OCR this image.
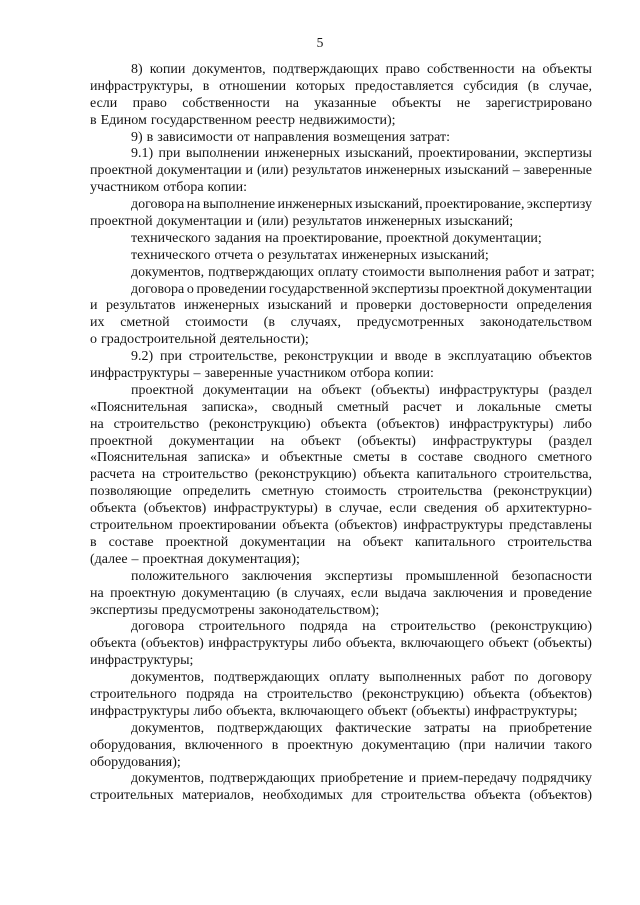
5
8) копии документов, подтверждающих право собственности на объекты
инфраструктуры, в отношении которых предоставляется субсидия (в случае,
если право собственности на указанные объекты не зарегистрировано
в Едином государственном реестр недвижимости);
9) в зависимости от направления возмещения затрат:
9.1) при выполнении инженерных изысканий, проектировании, экспертизы
проектной документации и (или) результатов инженерных изысканий – заверенные
участником отбора копии:
договора на выполнение инженерных изысканий, проектирование, экспертизу
проектной документации и (или) результатов инженерных изысканий;
технического задания на проектирование, проектной документации;
технического отчета о результатах инженерных изысканий;
документов, подтверждающих оплату стоимости выполнения работ и затрат;
договора о проведении государственной экспертизы проектной документации
и результатов инженерных изысканий и проверки достоверности определения
их сметной стоимости (в случаях, предусмотренных законодательством
о градостроительной деятельности);
9.2) при строительстве, реконструкции и вводе в эксплуатацию объектов
инфраструктуры – заверенные участником отбора копии:
проектной документации на объект (объекты) инфраструктуры (раздел
«Пояснительная записка», сводный сметный расчет и локальные сметы
на строительство (реконструкцию) объекта (объектов) инфраструктуры) либо
проектной документации на объект (объекты) инфраструктуры (раздел
«Пояснительная записка» и объектные сметы в составе сводного сметного
расчета на строительство (реконструкцию) объекта капитального строительства,
позволяющие определить сметную стоимость строительства (реконструкции)
объекта (объектов) инфраструктуры) в случае, если сведения об архитектурно-
строительном проектировании объекта (объектов) инфраструктуры представлены
в составе проектной документации на объект капитального строительства
(далее – проектная документация);
положительного заключения экспертизы промышленной безопасности
на проектную документацию (в случаях, если выдача заключения и проведение
экспертизы предусмотрены законодательством);
договора строительного подряда на строительство (реконструкцию)
объекта (объектов) инфраструктуры либо объекта, включающего объект (объекты)
инфраструктуры;
документов, подтверждающих оплату выполненных работ по договору
строительного подряда на строительство (реконструкцию) объекта (объектов)
инфраструктуры либо объекта, включающего объект (объекты) инфраструктуры;
документов, подтверждающих фактические затраты на приобретение
оборудования, включенного в проектную документацию (при наличии такого
оборудования);
документов, подтверждающих приобретение и прием-передачу подрядчику
строительных материалов, необходимых для строительства объекта (объектов)
